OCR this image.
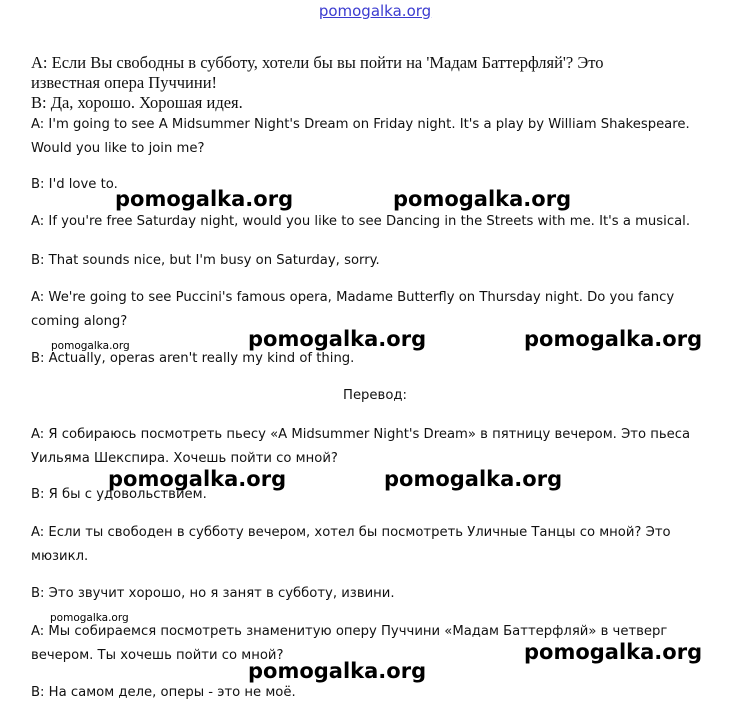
pomogalka.org
A: Если Вы свободны в субботу, хотели бы вы пойти на 'Мадам Баттерфляй'? Это
известная опера Пуччини!
B: Да, хорошо. Хорошая идея.
A: I'm going to see A Midsummer Night's Dream on Friday night. It's a play by William Shakespeare.
Would you like to join me?
B: I'd love to.
A: If you're free Saturday night, would you like to see Dancing in the Streets with me. It's a musical.
B: That sounds nice, but I'm busy on Saturday, sorry.
A: We're going to see Puccini's famous opera, Madame Butterfly on Thursday night. Do you fancy
coming along?
B: Actually, operas aren't really my kind of thing.
Перевод:
A: Я собираюсь посмотреть пьесу «A Midsummer Night's Dream» в пятницу вечером. Это пьеса
Уильяма Шекспира. Хочешь пойти со мной?
B: Я бы с удовольствием.
A: Если ты свободен в субботу вечером, хотел бы посмотреть Уличные Танцы со мной? Это
мюзикл.
B: Это звучит хорошо, но я занят в субботу, извини.
A: Мы собираемся посмотреть знаменитую оперу Пуччини «Мадам Баттерфляй» в четверг
вечером. Ты хочешь пойти со мной?
B: На самом деле, оперы - это не моё.
pomogalka.org	pomogalka.org
pomogalka.org	pomogalka.org
pomogalka.org	pomogalka.org
pomogalka.org
pomogalka.org
pomogalka.org
pomogalka.org
